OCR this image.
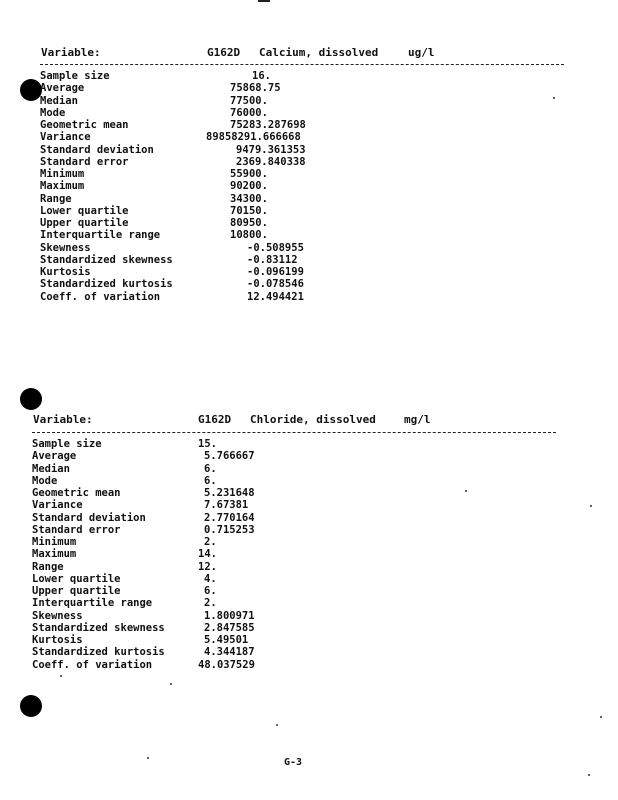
Variable:

	G162D

Calcium, dissolved

	ug/l

Sample size	16.
Average	75868.75
Median	77500.
Mode	76000.
Geometric mean	75283.287698
Variance	89858291.666668
Standard deviation	9479.361353
Standard error	2369.840338
Minimum	55900.
Maximum	90200.
Range	34300.
Lower quartile	70150.
Upper quartile	80950.
Interquartile range	10800.
Skewness	-0.508955
Standardized skewness	-0.83112
Kurtosis	-0.096199
Standardized kurtosis	-0.078546
Coeff. of variation	12.494421

Variable:

	G162D

Chloride, dissolved

	mg/l

Sample size	15.
Average	5.766667
Median	6.
Mode	6.
Geometric mean	5.231648
Variance	7.67381
Standard deviation	2.770164
Standard error	0.715253
Minimum	2.
Maximum	14.
Range	12.
Lower quartile	4.
Upper quartile	6.
Interquartile range	2.
Skewness	1.800971
Standardized skewness	2.847585
Kurtosis	5.49501
Standardized kurtosis	4.344187
Coeff. of variation	48.037529
G-3
